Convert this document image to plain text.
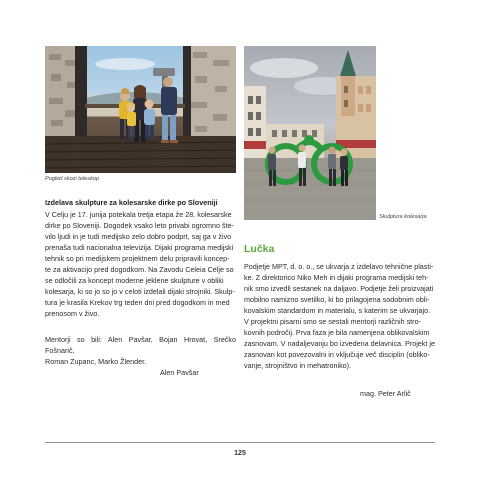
Pogled skozi teleskop
Skulptura kolesarja
Izdelava skulpture za kolesarske dirke po Sloveniji
V Celju je 17. junija potekala tretja etapa že 28. kolesarske
dirke po Sloveniji. Dogodek vsako leto privabi ogromno šte-
vilo ljudi in je tudi medijsko zelo dobro podprt, saj ga v živo
prenaša tudi nacionalna televizija. Dijaki programa medijski
tehnik so pri medijskem projektnem delu pripravili koncep-
te za aktivacijo pred dogodkom. Na Zavodu Celeia Celje so
se odločili za koncept moderne jeklene skulpture v obliki
kolesarja, ki so jo so jo v celoti izdelali dijaki strojniki. Skulp-
tura je krasila Krekov trg teden dni pred dogodkom in med
prenosom v živo.
Mentorji so bili: Alen Pavšar, Bojan Hrovat, Srečko Fošnarič,
Roman Zupanc, Marko Žlender.
Alen Pavšar
Lučka
Podjetje MPT, d. o. o., se ukvarja z izdelavo tehnične plasti-
ke. Z direktorico Niko Meh in dijaki programa medijski teh-
nik smo izvedli sestanek na daljavo. Podjetje želi proizvajati
mobilno namizno svetilko, ki bo prilagojena sodobnim obli-
kovalskim standardom in materialu, s katerim se ukvarjajo.
V projektni pisarni smo se sestali mentorji različnih stro-
kovnih področij. Prva faza je bila namenjena oblikovalskim
zasnovam. V nadaljevanju bo izvedena delavnica. Projekt je
zasnovan kot povezovalni in vključuje več disciplin (obliko-
vanje, strojništvo in mehatroniko).
mag. Peter Arlič
125
